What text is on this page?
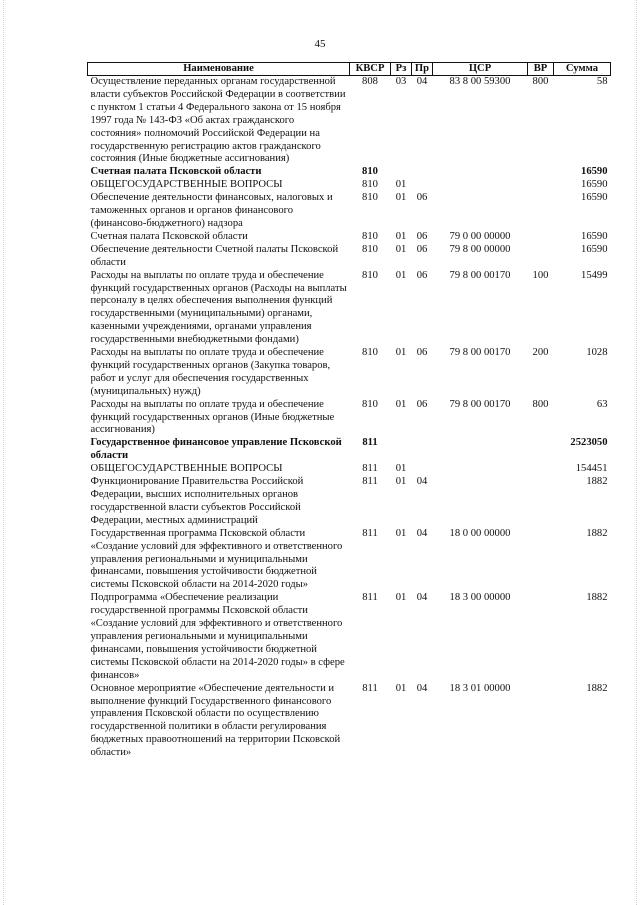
45
Наименование	КВСР	Рз	Пр	ЦСР	ВР	Сумма
Осуществление переданных органам государственной власти субъектов Российской Федерации в соответствии с пунктом 1 статьи 4 Федерального закона от 15 ноября 1997 года № 143-ФЗ «Об актах гражданского состояния» полномочий Российской Федерации на государственную регистрацию актов гражданского состояния (Иные бюджетные ассигнования)	808	03	04	83 8 00 59300	800	58
Счетная палата Псковской области	810					16590
ОБЩЕГОСУДАРСТВЕННЫЕ ВОПРОСЫ	810	01				16590
Обеспечение деятельности финансовых, налоговых и таможенных органов и органов финансового (финансово-бюджетного) надзора	810	01	06			16590
Счетная палата Псковской области	810	01	06	79 0 00 00000		16590
Обеспечение деятельности Счетной палаты Псковской области	810	01	06	79 8 00 00000		16590
Расходы на выплаты по оплате труда и обеспечение функций государственных органов (Расходы на выплаты персоналу в целях обеспечения выполнения функций государственными (муниципальными) органами, казенными учреждениями, органами управления государственными внебюджетными фондами)	810	01	06	79 8 00 00170	100	15499
Расходы на выплаты по оплате труда и обеспечение функций государственных органов (Закупка товаров, работ и услуг для обеспечения государственных (муниципальных) нужд)	810	01	06	79 8 00 00170	200	1028
Расходы на выплаты по оплате труда и обеспечение функций государственных органов (Иные бюджетные ассигнования)	810	01	06	79 8 00 00170	800	63
Государственное финансовое управление Псковской области	811					2523050
ОБЩЕГОСУДАРСТВЕННЫЕ ВОПРОСЫ	811	01				154451
Функционирование Правительства Российской Федерации, высших исполнительных органов государственной власти субъектов Российской Федерации, местных администраций	811	01	04			1882
Государственная программа Псковской области «Создание условий для эффективного и ответственного управления региональными и муниципальными финансами, повышения устойчивости бюджетной системы Псковской области на 2014-2020 годы»	811	01	04	18 0 00 00000		1882
Подпрограмма «Обеспечение реализации государственной программы Псковской области «Создание условий для эффективного и ответственного управления региональными и муниципальными финансами, повышения устойчивости бюджетной системы Псковской области на 2014-2020 годы» в сфере финансов»	811	01	04	18 3 00 00000		1882
Основное мероприятие «Обеспечение деятельности и выполнение функций Государственного финансового управления Псковской области по осуществлению государственной политики в области регулирования бюджетных правоотношений на территории Псковской области»	811	01	04	18 3 01 00000		1882
